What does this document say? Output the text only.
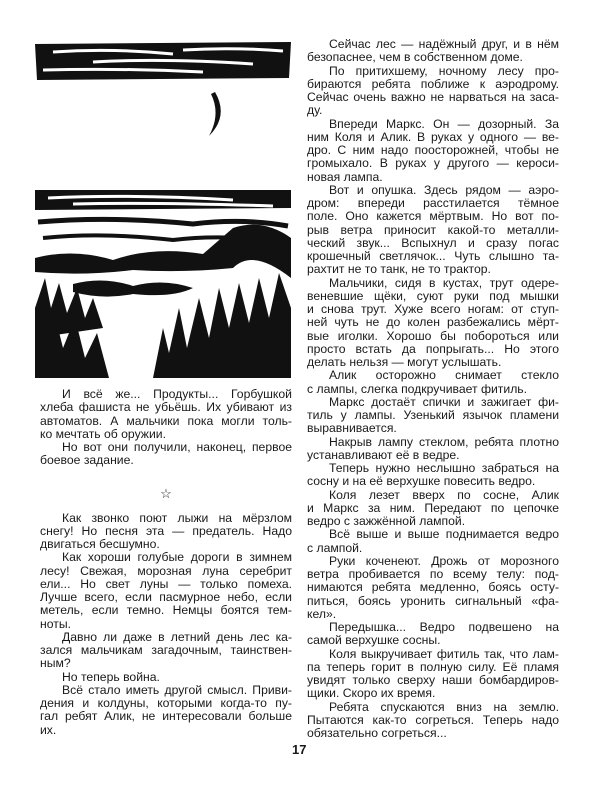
И всё же... Продукты... Горбушкой
хлеба фашиста не убьёшь. Их убивают из
автоматов. А мальчики пока могли толь-
ко мечтать об оружии.
Но вот они получили, наконец, первое
боевое задание.
☆
Как звонко поют лыжи на мёрзлом
снегу! Но песня эта — предатель. Надо
двигаться бесшумно.
Как хороши голубые дороги в зимнем
лесу! Свежая, морозная луна серебрит
ели... Но свет луны — только помеха.
Лучше всего, если пасмурное небо, если
метель, если темно. Немцы боятся тем-
ноты.
Давно ли даже в летний день лес ка-
зался мальчикам загадочным, таинствен-
ным?
Но теперь война.
Всё стало иметь другой смысл. Приви-
дения и колдуны, которыми когда-то пу-
гал ребят Алик, не интересовали больше
их.
Сейчас лес — надёжный друг, и в нём
безопаснее, чем в собственном доме.
По притихшему, ночному лесу про-
бираются ребята поближе к аэродрому.
Сейчас очень важно не нарваться на заса-
ду.
Впереди Маркс. Он — дозорный. За
ним Коля и Алик. В руках у одного — ве-
дро. С ним надо поосторожней, чтобы не
громыхало. В руках у другого — кероси-
новая лампа.
Вот и опушка. Здесь рядом — аэро-
дром: впереди расстилается тёмное
поле. Оно кажется мёртвым. Но вот по-
рыв ветра приносит какой-то металли-
ческий звук... Вспыхнул и сразу погас
крошечный светлячок... Чуть слышно та-
рахтит не то танк, не то трактор.
Мальчики, сидя в кустах, трут одере-
веневшие щёки, суют руки под мышки
и снова трут. Хуже всего ногам: от ступ-
ней чуть не до колен разбежались мёрт-
вые иголки. Хорошо бы побороться или
просто встать да попрыгать... Но этого
делать нельзя — могут услышать.
Алик осторожно снимает стекло
с лампы, слегка подкручивает фитиль.
Маркс достаёт спички и зажигает фи-
тиль у лампы. Узенький язычок пламени
выравнивается.
Накрыв лампу стеклом, ребята плотно
устанавливают её в ведре.
Теперь нужно неслышно забраться на
сосну и на её верхушке повесить ведро.
Коля лезет вверх по сосне, Алик
и Маркс за ним. Передают по цепочке
ведро с зажжённой лампой.
Всё выше и выше поднимается ведро
с лампой.
Руки коченеют. Дрожь от морозного
ветра пробивается по всему телу: под-
нимаются ребята медленно, боясь осту-
питься, боясь уронить сигнальный «фа-
кел».
Передышка... Ведро подвешено на
самой верхушке сосны.
Коля выкручивает фитиль так, что лам-
па теперь горит в полную силу. Её пламя
увидят только сверху наши бомбардиров-
щики. Скоро их время.
Ребята спускаются вниз на землю.
Пытаются как-то согреться. Теперь надо
обязательно согреться...
17
